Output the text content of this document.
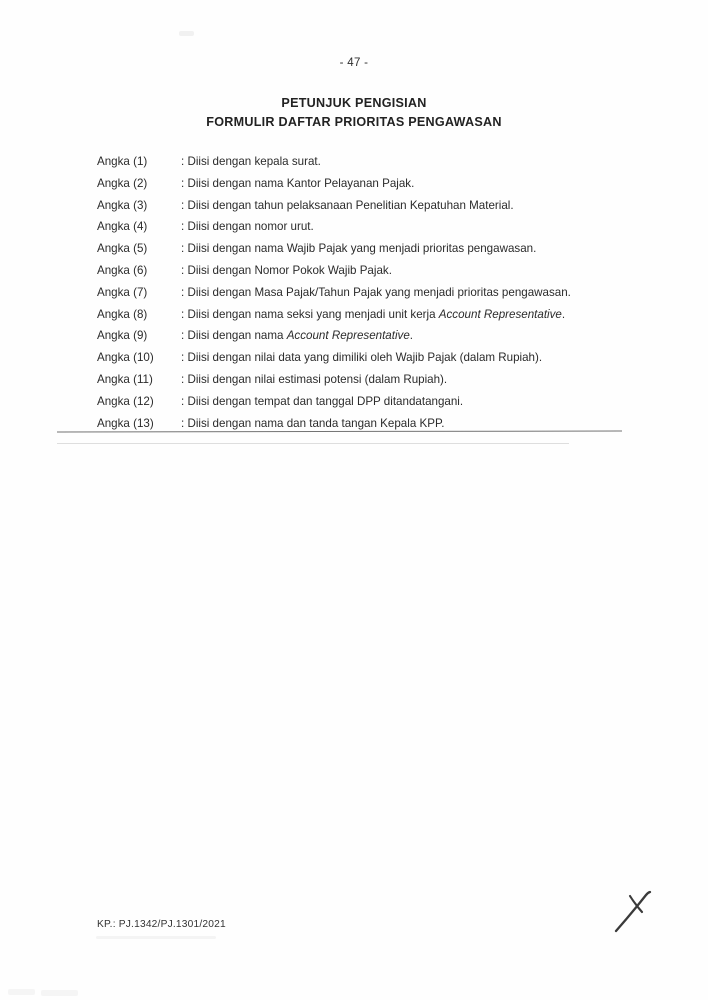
- 47 -
PETUNJUK PENGISIAN
FORMULIR DAFTAR PRIORITAS PENGAWASAN
Angka (1)	: Diisi dengan kepala surat.
Angka (2)	: Diisi dengan nama Kantor Pelayanan Pajak.
Angka (3)	: Diisi dengan tahun pelaksanaan Penelitian Kepatuhan Material.
Angka (4)	: Diisi dengan nomor urut.
Angka (5)	: Diisi dengan nama Wajib Pajak yang menjadi prioritas pengawasan.
Angka (6)	: Diisi dengan Nomor Pokok Wajib Pajak.
Angka (7)	: Diisi dengan Masa Pajak/Tahun Pajak yang menjadi prioritas pengawasan.
Angka (8)	: Diisi dengan nama seksi yang menjadi unit kerja Account Representative.
Angka (9)	: Diisi dengan nama Account Representative.
Angka (10)	: Diisi dengan nilai data yang dimiliki oleh Wajib Pajak (dalam Rupiah).
Angka (11)	: Diisi dengan nilai estimasi potensi (dalam Rupiah).
Angka (12)	: Diisi dengan tempat dan tanggal DPP ditandatangani.
Angka (13)	: Diisi dengan nama dan tanda tangan Kepala KPP.
KP.: PJ.1342/PJ.1301/2021
